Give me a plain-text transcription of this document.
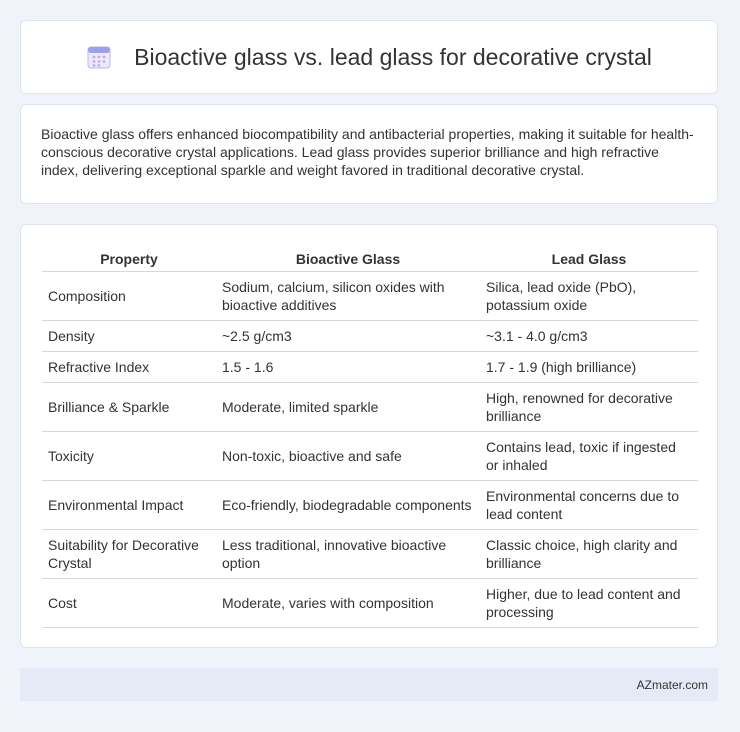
Bioactive glass vs. lead glass for decorative crystal

Bioactive glass offers enhanced biocompatibility and antibacterial properties, making it suitable for health-conscious decorative crystal applications. Lead glass provides superior brilliance and high refractive index, delivering exceptional sparkle and weight favored in traditional decorative crystal.

Property	Bioactive Glass	Lead Glass
Composition	Sodium, calcium, silicon oxides with bioactive additives	Silica, lead oxide (PbO), potassium oxide
Density	~2.5 g/cm3	~3.1 - 4.0 g/cm3
Refractive Index	1.5 - 1.6	1.7 - 1.9 (high brilliance)
Brilliance & Sparkle	Moderate, limited sparkle	High, renowned for decorative brilliance
Toxicity	Non-toxic, bioactive and safe	Contains lead, toxic if ingested or inhaled
Environmental Impact	Eco-friendly, biodegradable components	Environmental concerns due to lead content
Suitability for Decorative Crystal	Less traditional, innovative bioactive option	Classic choice, high clarity and brilliance
Cost	Moderate, varies with composition	Higher, due to lead content and processing
AZmater.com
